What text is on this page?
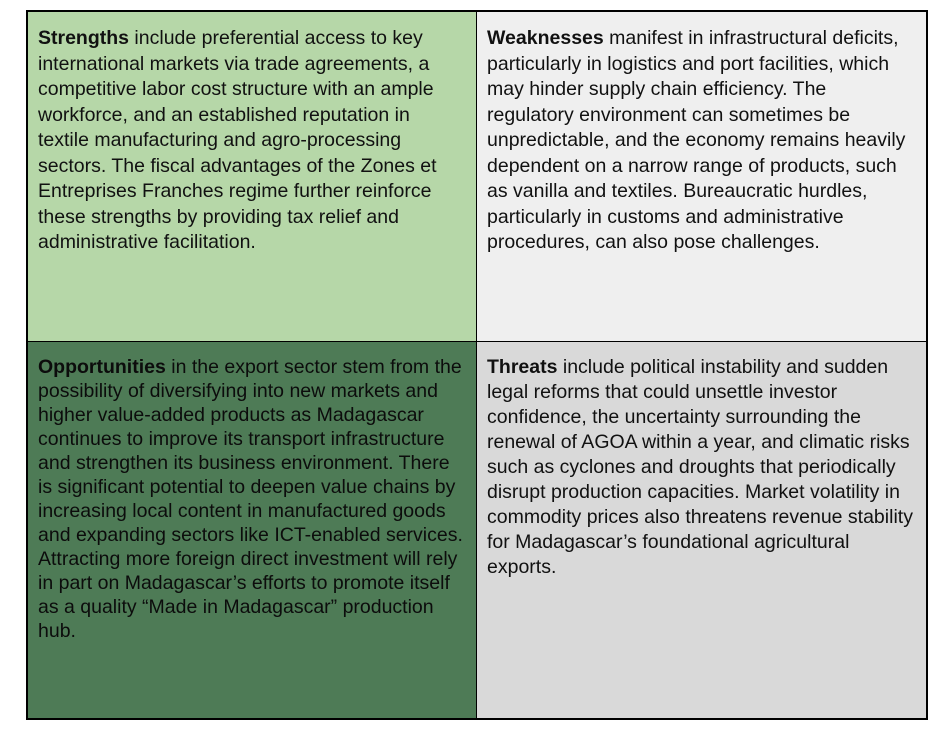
Strengths include preferential access to key international markets via trade agreements, a competitive labor cost structure with an ample workforce, and an established reputation in textile manufacturing and agro-processing sectors. The fiscal advantages of the Zones et Entreprises Franches regime further reinforce these strengths by providing tax relief and administrative facilitation.
Weaknesses manifest in infrastructural deficits, particularly in logistics and port facilities, which may hinder supply chain efficiency. The regulatory environment can sometimes be unpredictable, and the economy remains heavily dependent on a narrow range of products, such as vanilla and textiles. Bureaucratic hurdles, particularly in customs and administrative procedures, can also pose challenges.
Opportunities in the export sector stem from the possibility of diversifying into new markets and higher value-added products as Madagascar continues to improve its transport infrastructure and strengthen its business environment. There is significant potential to deepen value chains by increasing local content in manufactured goods and expanding sectors like ICT-enabled services. Attracting more foreign direct investment will rely in part on Madagascar’s efforts to promote itself as a quality “Made in Madagascar” production hub.
Threats include political instability and sudden legal reforms that could unsettle investor confidence, the uncertainty surrounding the renewal of AGOA within a year, and climatic risks such as cyclones and droughts that periodically disrupt production capacities. Market volatility in commodity prices also threatens revenue stability for Madagascar’s foundational agricultural exports.
